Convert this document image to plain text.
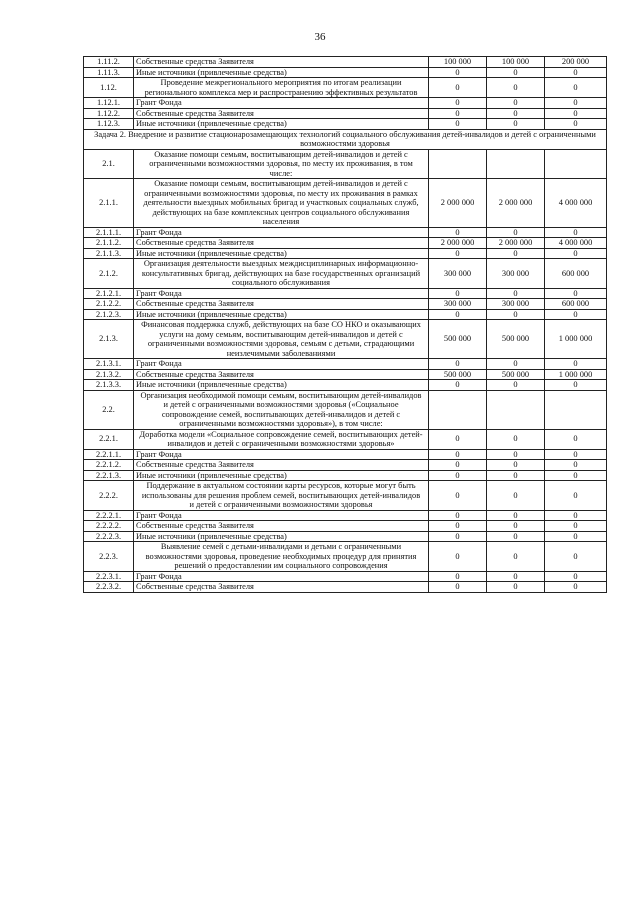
36
1.11.2.	Собственные средства Заявителя	100 000	100 000	200 000
1.11.3.	Иные источники (привлеченные средства)	0	0	0
1.12.	Проведение межрегионального мероприятия по итогам реализации регионального комплекса мер и распространению эффективных результатов	0	0	0
1.12.1.	Грант Фонда	0	0	0
1.12.2.	Собственные средства Заявителя	0	0	0
1.12.3.	Иные источники (привлеченные средства)	0	0	0
Задача 2. Внедрение и развитие стационарозамещающих технологий социального обслуживания детей-инвалидов и детей с ограниченными возможностями здоровья				
2.1.	Оказание помощи семьям, воспитывающим детей-инвалидов и детей с ограниченными возможностями здоровья, по месту их проживания, в том числе:			
2.1.1.	Оказание помощи семьям, воспитывающим детей-инвалидов и детей с ограниченными возможностями здоровья, по месту их проживания в рамках деятельности выездных мобильных бригад и участковых социальных служб, действующих на базе комплексных центров социального обслуживания населения	2 000 000	2 000 000	4 000 000
2.1.1.1.	Грант Фонда	0	0	0
2.1.1.2.	Собственные средства Заявителя	2 000 000	2 000 000	4 000 000
2.1.1.3.	Иные источники (привлеченные средства)	0	0	0
2.1.2.	Организация деятельности выездных междисциплинарных информационно-консультативных бригад, действующих на базе государственных организаций социального обслуживания	300 000	300 000	600 000
2.1.2.1.	Грант Фонда	0	0	0
2.1.2.2.	Собственные средства Заявителя	300 000	300 000	600 000
2.1.2.3.	Иные источники (привлеченные средства)	0	0	0
2.1.3.	Финансовая поддержка служб, действующих на базе СО НКО и оказывающих услуги на дому семьям, воспитывающим детей-инвалидов и детей с ограниченными возможностями здоровья, семьям с детьми, страдающими неизлечимыми заболеваниями	500 000	500 000	1 000 000
2.1.3.1.	Грант Фонда	0	0	0
2.1.3.2.	Собственные средства Заявителя	500 000	500 000	1 000 000
2.1.3.3.	Иные источники (привлеченные средства)	0	0	0
2.2.	Организация необходимой помощи семьям, воспитывающим детей-инвалидов и детей с ограниченными возможностями здоровья («Социальное сопровождение семей, воспитывающих детей-инвалидов и детей с ограниченными возможностями здоровья»), в том числе:			
2.2.1.	Доработка модели «Социальное сопровождение семей, воспитывающих детей-инвалидов и детей с ограниченными возможностями здоровья»	0	0	0
2.2.1.1.	Грант Фонда	0	0	0
2.2.1.2.	Собственные средства Заявителя	0	0	0
2.2.1.3.	Иные источники (привлеченные средства)	0	0	0
2.2.2.	Поддержание в актуальном состоянии карты ресурсов, которые могут быть использованы для решения проблем семей, воспитывающих детей-инвалидов и детей с ограниченными возможностями здоровья	0	0	0
2.2.2.1.	Грант Фонда	0	0	0
2.2.2.2.	Собственные средства Заявителя	0	0	0
2.2.2.3.	Иные источники (привлеченные средства)	0	0	0
2.2.3.	Выявление семей с детьми-инвалидами и детьми с ограниченными возможностями здоровья, проведение необходимых процедур для принятия решений о предоставлении им социального сопровождения	0	0	0
2.2.3.1.	Грант Фонда	0	0	0
2.2.3.2.	Собственные средства Заявителя	0	0	0
